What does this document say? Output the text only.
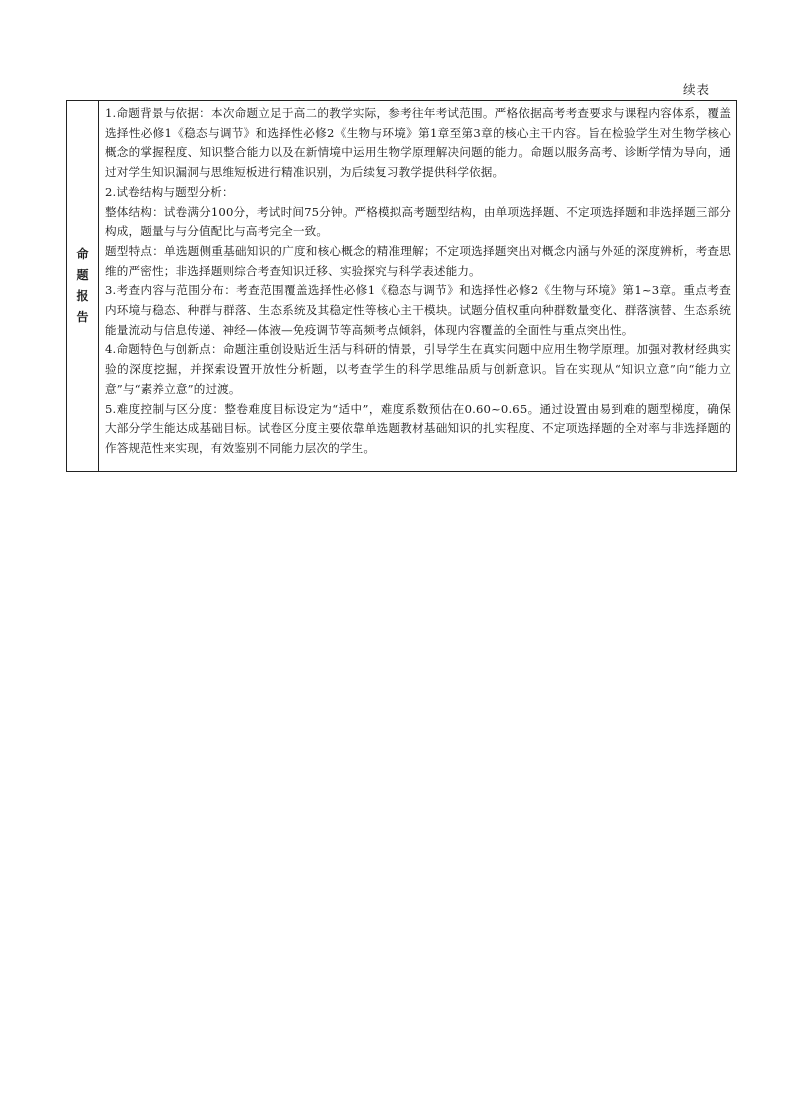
续表
命
题
报
告

1.命题背景与依据：本次命题立足于高二的教学实际，参考往年考试范围。严格依据高考考查要求与课程内容体系，覆盖选择性必修1《稳态与调节》和选择性必修2《生物与环境》第1章至第3章的核心主干内容。旨在检验学生对生物学核心概念的掌握程度、知识整合能力以及在新情境中运用生物学原理解决问题的能力。命题以服务高考、诊断学情为导向，通过对学生知识漏洞与思维短板进行精准识别，为后续复习教学提供科学依据。

2.试卷结构与题型分析：

整体结构：试卷满分100分，考试时间75分钟。严格模拟高考题型结构，由单项选择题、不定项选择题和非选择题三部分构成，题量与与分值配比与高考完全一致。

题型特点：单选题侧重基础知识的广度和核心概念的精准理解；不定项选择题突出对概念内涵与外延的深度辨析，考查思维的严密性；非选择题则综合考查知识迁移、实验探究与科学表述能力。

3.考查内容与范围分布：考查范围覆盖选择性必修1《稳态与调节》和选择性必修2《生物与环境》第1~3章。重点考查内环境与稳态、种群与群落、生态系统及其稳定性等核心主干模块。试题分值权重向种群数量变化、群落演替、生态系统能量流动与信息传递、神经—体液—免疫调节等高频考点倾斜，体现内容覆盖的全面性与重点突出性。

4.命题特色与创新点：命题注重创设贴近生活与科研的情景，引导学生在真实问题中应用生物学原理。加强对教材经典实验的深度挖掘，并探索设置开放性分析题，以考查学生的科学思维品质与创新意识。旨在实现从“知识立意”向“能力立意”与“素养立意”的过渡。

5.难度控制与区分度：整卷难度目标设定为“适中”，难度系数预估在0.60~0.65。通过设置由易到难的题型梯度，确保大部分学生能达成基础目标。试卷区分度主要依靠单选题教材基础知识的扎实程度、不定项选择题的全对率与非选择题的作答规范性来实现，有效鉴别不同能力层次的学生。
